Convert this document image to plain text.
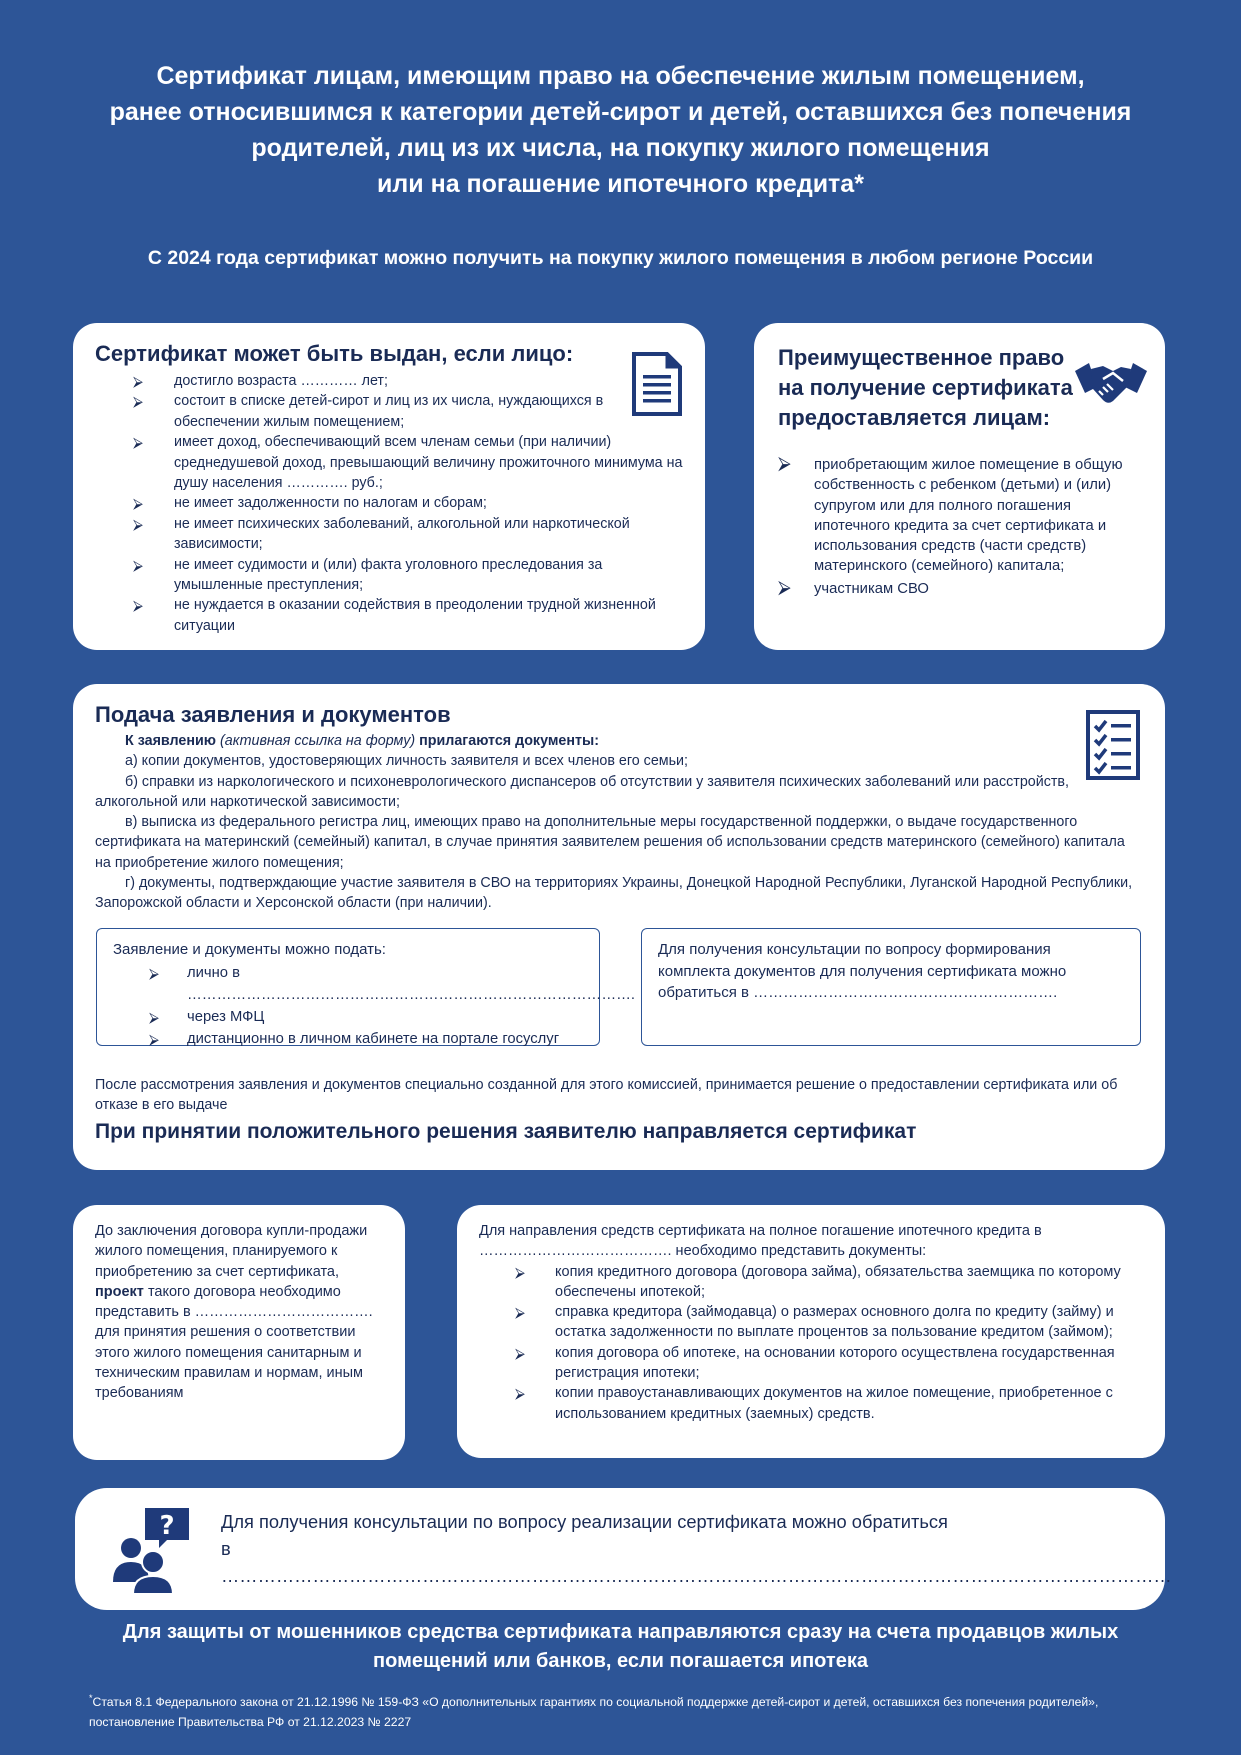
Сертификат лицам, имеющим право на обеспечение жилым помещением,
ранее относившимся к категории детей-сирот и детей, оставшихся без попечения
родителей, лиц из их числа, на покупку жилого помещения
или на погашение ипотечного кредита*
С 2024 года сертификат можно получить на покупку жилого помещения в любом регионе России
Сертификат может быть выдан, если лицо:
⮚ достигло возраста ………… лет;
⮚ состоит в списке детей-сирот и лиц из их числа, нуждающихся в обеспечении жилым помещением;
⮚ имеет доход, обеспечивающий всем членам семьи (при наличии) среднедушевой доход, превышающий величину прожиточного минимума на душу населения …………. руб.;
⮚ не имеет задолженности по налогам и сборам;
⮚ не имеет психических заболеваний, алкогольной или наркотической зависимости;
⮚ не имеет судимости и (или) факта уголовного преследования за умышленные преступления;
⮚ не нуждается в оказании содействия в преодолении трудной жизненной ситуации
Преимущественное право
на получение сертификата
предоставляется лицам:
⮚ приобретающим жилое помещение в общую собственность с ребенком (детьми) и (или) супругом или для полного погашения ипотечного кредита за счет сертификата и использования средств (части средств) материнского (семейного) капитала;
⮚ участникам СВО
Подача заявления и документов

К заявлению (активная ссылка на форму) прилагаются документы:

а) копии документов, удостоверяющих личность заявителя и всех членов его семьи;

б) справки из наркологического и психоневрологического диспансеров об отсутствии у заявителя психических заболеваний или расстройств, алкогольной или наркотической зависимости;

в) выписка из федерального регистра лиц, имеющих право на дополнительные меры государственной поддержки, о выдаче государственного сертификата на материнский (семейный) капитал, в случае принятия заявителем решения об использовании средств материнского (семейного) капитала на приобретение жилого помещения;

г) документы, подтверждающие участие заявителя в СВО на территориях Украины, Донецкой Народной Республики, Луганской Народной Республики, Запорожской области и Херсонской области (при наличии).

Заявление и документы можно подать:
⮚ лично в ……………………………………………………………………………….
⮚ через МФЦ
⮚ дистанционно в личном кабинете на портале госуслуг
Для получения консультации по вопросу формирования комплекта документов для получения сертификата можно обратиться в …………………………………………………….
После рассмотрения заявления и документов специально созданной для этого комиссией, принимается решение о предоставлении сертификата или об отказе в его выдаче
При принятии положительного решения заявителю направляется сертификат
До заключения договора купли-продажи жилого помещения, планируемого к приобретению за счет сертификата, проект такого договора необходимо представить в ………………………………. для принятия решения о соответствии этого жилого помещения санитарным и техническим правилам и нормам, иным требованиям
Для направления средств сертификата на полное погашение ипотечного кредита в …………………………………. необходимо представить документы:
⮚ копия кредитного договора (договора займа), обязательства заемщика по которому обеспечены ипотекой;
⮚ справка кредитора (займодавца) о размерах основного долга по кредиту (займу) и остатка задолженности по выплате процентов за пользование кредитом (займом);
⮚ копия договора об ипотеке, на основании которого осуществлена государственная регистрация ипотеки;
⮚ копии правоустанавливающих документов на жилое помещение, приобретенное с использованием кредитных (заемных) средств.
?	Для получения консультации по вопросу реализации сертификата можно обратиться
в …………………………………………………………………………………………………………………………………………
Для защиты от мошенников средства сертификата направляются сразу на счета продавцов жилых
помещений или банков, если погашается ипотека
*Статья 8.1 Федерального закона от 21.12.1996 № 159-ФЗ «О дополнительных гарантиях по социальной поддержке детей-сирот и детей, оставшихся без попечения родителей», постановление Правительства РФ от 21.12.2023 № 2227
